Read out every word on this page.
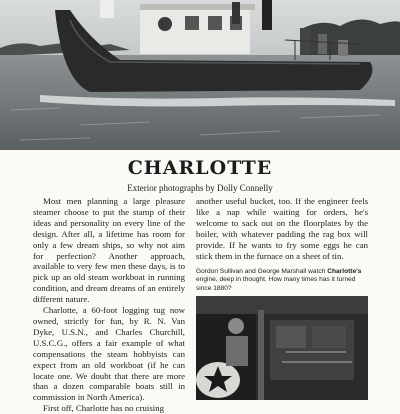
CHARLOTTE

Exterior photographs by Dolly Connelly

Most men planning a large pleasure steamer choose to put the stamp of their ideas and personality on every line of the design. After all, a lifetime has room for only a few dream ships, so why not aim for perfection? Another approach, available to very few men these days, is to pick up an old steam workboat in running condition, and dream dreams of an entirely different nature.

Charlotte, a 60-foot logging tug now owned, strictly for fun, by R. N. Van Dyke, U.S.N., and Charles Churchill, U.S.C.G., offers a fair example of what compensations the steam hobbyists can expect from an old workboat (if he can locate one. We doubt that there are more than a dozen comparable boats still in commission in North America).

First off, Charlotte has no cruising

another useful bucket, too. If the engineer feels like a nap while waiting for orders, he's welcome to sack out on the floorplates by the boiler, with whatever padding the rag box will provide. If he wants to fry some eggs he can stick them in the furnace on a sheet of tin.

Gordon Sullivan and George Marshall watch Charlotte's engine, deep in thought. How many times has it turned since 1880?
